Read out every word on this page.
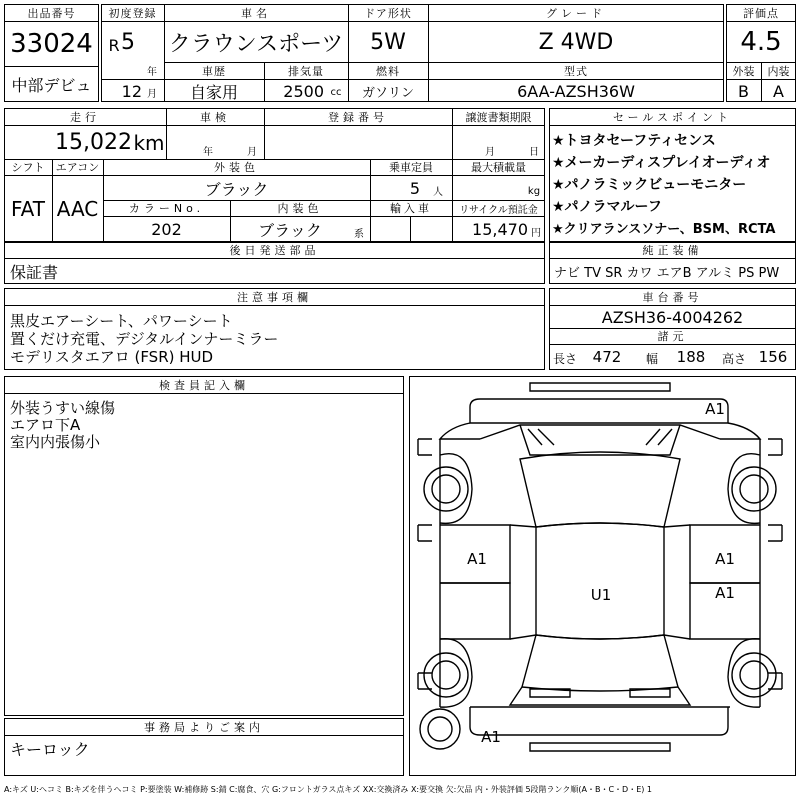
出品番号
33024
中部デビュ
初度登録
R 5
年
12 月
車名
クラウンスポーツ
ドア形状
5W
グレード
Z 4WD
車歴
自家用
排気量
2500 cc
燃料
ガソリン
型式
6AA-AZSH36W
評価点
4.5
外装	内装
B	A
走行
15,022 km
車検
年	月
登録番号	譲渡書類期限
月	日
シフト
FAT
エアコン
AAC
外装色
ブラック
乗車定員
5	人
最大積載量
kg
カラーNo.
202
内装色
ブラック	系
輸入車	リサイクル預託金
15,470 円
セールスポイント
★トヨタセーフティセンス
★メーカーディスプレイオーディオ
★パノラミックビューモニター
★パノラマルーフ
★クリアランスソナー、BSM、RCTA
後日発送部品
保証書
純正装備
ナビ TV SR カワ エアB アルミ PS PW
注意事項欄
黒皮エアーシート、パワーシート
置くだけ充電、デジタルインナーミラー
モデリスタエアロ (FSR) HUD
車台番号
AZSH36-4004262
諸元
長さ	472	幅	188	高さ 156
検査員記入欄
外装うすい線傷
エアロ下A
室内内張傷小
事務局よりご案内
キーロック
A1
A1	A1
A1
U1
A1
A:キズ U:ヘコミ B:キズを伴うヘコミ P:要塗装 W:補修跡 S:錆 C:腐食、穴 G:フロントガラス点キズ XX:交換済み X:要交換 欠:欠品 内・外装評価 5段階ランク順(A・B・C・D・E) 1
